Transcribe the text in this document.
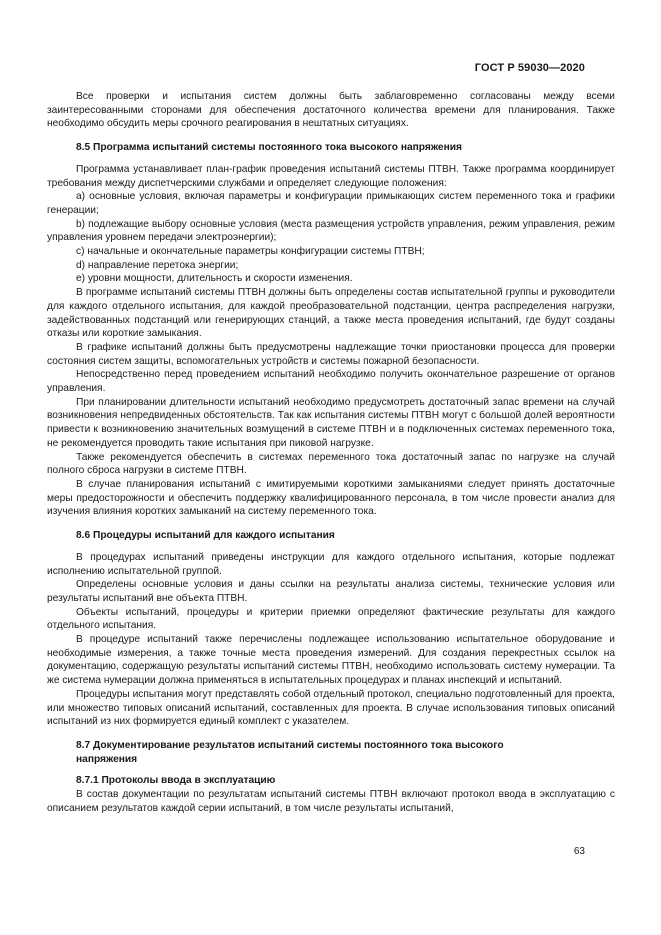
ГОСТ Р 59030—2020
Все проверки и испытания систем должны быть заблаговременно согласованы между всеми заинтересованными сторонами для обеспечения достаточного количества времени для планирования. Также необходимо обсудить меры срочного реагирования в нештатных ситуациях.
8.5 Программа испытаний системы постоянного тока высокого напряжения
Программа устанавливает план-график проведения испытаний системы ПТВН. Также программа координирует требования между диспетчерскими службами и определяет следующие положения:
a) основные условия, включая параметры и конфигурации примыкающих систем переменного тока и графики генерации;
b) подлежащие выбору основные условия (места размещения устройств управления, режим управления, режим управления уровнем передачи электроэнергии);
c) начальные и окончательные параметры конфигурации системы ПТВН;
d) направление перетока энергии;
e) уровни мощности, длительность и скорости изменения.
В программе испытаний системы ПТВН должны быть определены состав испытательной группы и руководители для каждого отдельного испытания, для каждой преобразовательной подстанции, центра распределения нагрузки, задействованных подстанций или генерирующих станций, а также места проведения испытаний, где будут созданы отказы или короткие замыкания.
В графике испытаний должны быть предусмотрены надлежащие точки приостановки процесса для проверки состояния систем защиты, вспомогательных устройств и системы пожарной безопасности.
Непосредственно перед проведением испытаний необходимо получить окончательное разрешение от органов управления.
При планировании длительности испытаний необходимо предусмотреть достаточный запас времени на случай возникновения непредвиденных обстоятельств. Так как испытания системы ПТВН могут с большой долей вероятности привести к возникновению значительных возмущений в системе ПТВН и в подключенных системах переменного тока, не рекомендуется проводить такие испытания при пиковой нагрузке.
Также рекомендуется обеспечить в системах переменного тока достаточный запас по нагрузке на случай полного сброса нагрузки в системе ПТВН.
В случае планирования испытаний с имитируемыми короткими замыканиями следует принять достаточные меры предосторожности и обеспечить поддержку квалифицированного персонала, в том числе провести анализ для изучения влияния коротких замыканий на систему переменного тока.
8.6 Процедуры испытаний для каждого испытания
В процедурах испытаний приведены инструкции для каждого отдельного испытания, которые подлежат исполнению испытательной группой.
Определены основные условия и даны ссылки на результаты анализа системы, технические условия или результаты испытаний вне объекта ПТВН.
Объекты испытаний, процедуры и критерии приемки определяют фактические результаты для каждого отдельного испытания.
В процедуре испытаний также перечислены подлежащее использованию испытательное оборудование и необходимые измерения, а также точные места проведения измерений. Для создания перекрестных ссылок на документацию, содержащую результаты испытаний системы ПТВН, необходимо использовать систему нумерации. Та же система нумерации должна применяться в испытательных процедурах и планах инспекций и испытаний.
Процедуры испытания могут представлять собой отдельный протокол, специально подготовленный для проекта, или множество типовых описаний испытаний, составленных для проекта. В случае использования типовых описаний испытаний из них формируется единый комплект с указателем.
8.7 Документирование результатов испытаний системы постоянного тока высокого
напряжения
8.7.1 Протоколы ввода в эксплуатацию
В состав документации по результатам испытаний системы ПТВН включают протокол ввода в эксплуатацию с описанием результатов каждой серии испытаний, в том числе результаты испытаний,
63
